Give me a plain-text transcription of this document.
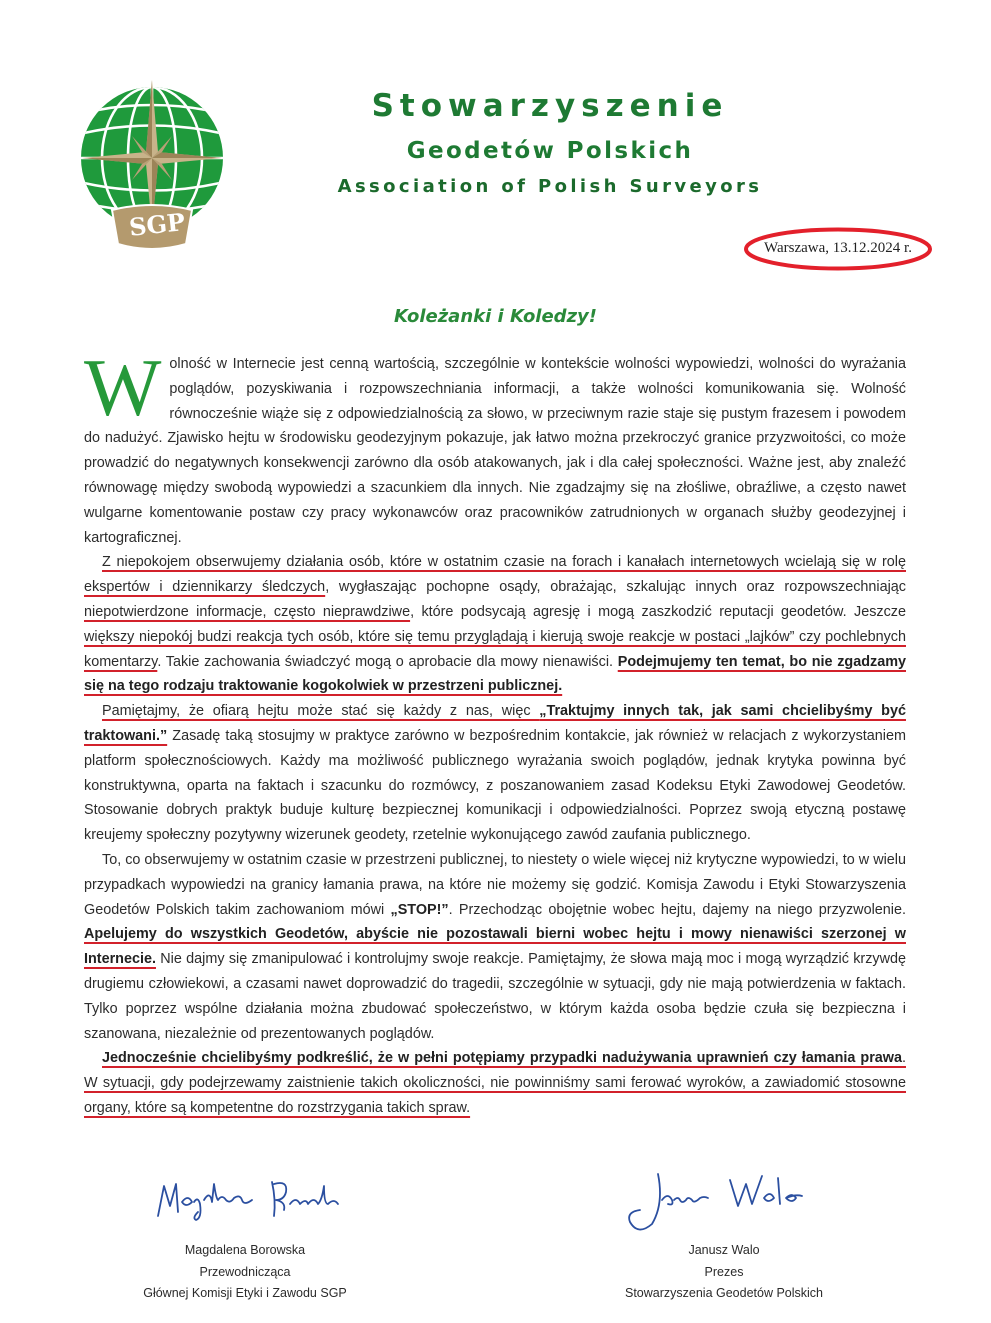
SGP
Stowarzyszenie
Geodetów Polskich
Association of Polish Surveyors
Warszawa, 13.12.2024 r.
Koleżanki i Koledzy!

Wolność w Internecie jest cenną wartością, szczególnie w kontekście wolności wypowiedzi, wolności do wyrażania poglądów, pozyskiwania i rozpowszechniania informacji, a także wolności komunikowania się. Wolność równocześnie wiąże się z odpowiedzialnością za słowo, w przeciwnym razie staje się pustym frazesem i powodem do nadużyć. Zjawisko hejtu w środowisku geodezyjnym pokazuje, jak łatwo można przekroczyć granice przyzwoitości, co może prowadzić do negatywnych konsekwencji zarówno dla osób atakowanych, jak i dla całej społeczności. Ważne jest, aby znaleźć równowagę między swobodą wypowiedzi a szacunkiem dla innych. Nie zgadzajmy się na złośliwe, obraźliwe, a często nawet wulgarne komentowanie postaw czy pracy wykonawców oraz pracowników zatrudnionych w organach służby geodezyjnej i kartograficznej.

Z niepokojem obserwujemy działania osób, które w ostatnim czasie na forach i kanałach internetowych wcielają się w rolę ekspertów i dziennikarzy śledczych, wygłaszając pochopne osądy, obrażając, szkalując innych oraz rozpowszechniając niepotwierdzone informacje, często nieprawdziwe, które podsycają agresję i mogą zaszkodzić reputacji geodetów. Jeszcze większy niepokój budzi reakcja tych osób, które się temu przyglądają i kierują swoje reakcje w postaci „lajków” czy pochlebnych komentarzy. Takie zachowania świadczyć mogą o aprobacie dla mowy nienawiści. Podejmujemy ten temat, bo nie zgadzamy się na tego rodzaju traktowanie kogokolwiek w przestrzeni publicznej.

Pamiętajmy, że ofiarą hejtu może stać się każdy z nas, więc „Traktujmy innych tak, jak sami chcielibyśmy być traktowani.” Zasadę taką stosujmy w praktyce zarówno w bezpośrednim kontakcie, jak również w relacjach z wykorzystaniem platform społecznościowych. Każdy ma możliwość publicznego wyrażania swoich poglądów, jednak krytyka powinna być konstruktywna, oparta na faktach i szacunku do rozmówcy, z poszanowaniem zasad Kodeksu Etyki Zawodowej Geodetów. Stosowanie dobrych praktyk buduje kulturę bezpiecznej komunikacji i odpowiedzialności. Poprzez swoją etyczną postawę kreujemy społeczny pozytywny wizerunek geodety, rzetelnie wykonującego zawód zaufania publicznego.

To, co obserwujemy w ostatnim czasie w przestrzeni publicznej, to niestety o wiele więcej niż krytyczne wypowiedzi, to w wielu przypadkach wypowiedzi na granicy łamania prawa, na które nie możemy się godzić. Komisja Zawodu i Etyki Stowarzyszenia Geodetów Polskich takim zachowaniom mówi „STOP!”. Przechodząc obojętnie wobec hejtu, dajemy na niego przyzwolenie. Apelujemy do wszystkich Geodetów, abyście nie pozostawali bierni wobec hejtu i mowy nienawiści szerzonej w Internecie. Nie dajmy się zmanipulować i kontrolujmy swoje reakcje. Pamiętajmy, że słowa mają moc i mogą wyrządzić krzywdę drugiemu człowiekowi, a czasami nawet doprowadzić do tragedii, szczególnie w sytuacji, gdy nie mają potwierdzenia w faktach. Tylko poprzez wspólne działania można zbudować społeczeństwo, w którym każda osoba będzie czuła się bezpieczna i szanowana, niezależnie od prezentowanych poglądów.

Jednocześnie chcielibyśmy podkreślić, że w pełni potępiamy przypadki nadużywania uprawnień czy łamania prawa. W sytuacji, gdy podejrzewamy zaistnienie takich okoliczności, nie powinniśmy sami ferować wyroków, a zawiadomić stosowne organy, które są kompetentne do rozstrzygania takich spraw.

Magdalena Borowska
Przewodnicząca
Głównej Komisji Etyki i Zawodu SGP
Janusz Walo
Prezes
Stowarzyszenia Geodetów Polskich
